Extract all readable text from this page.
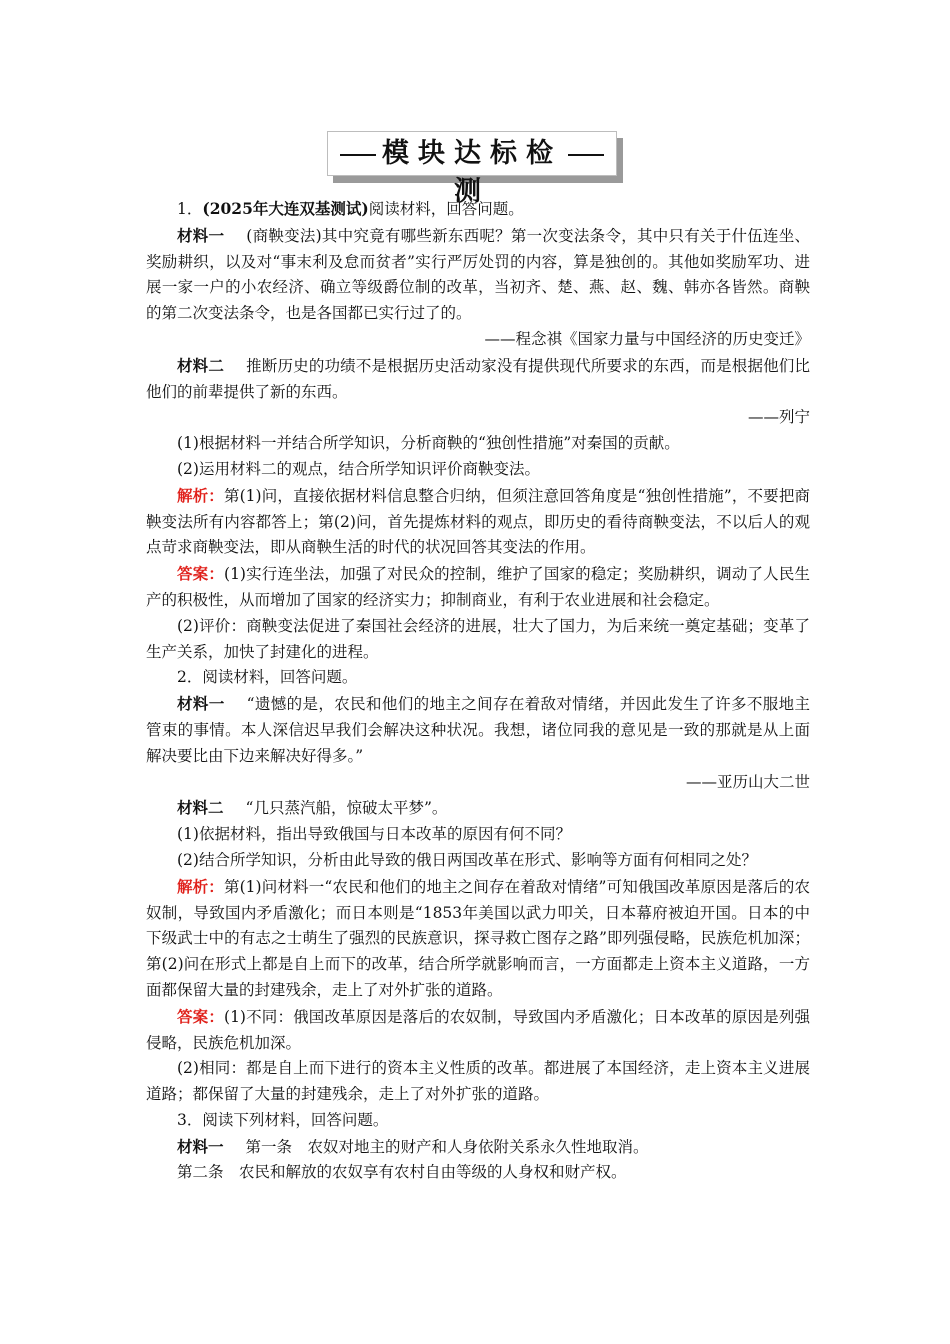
模块达标检测

1．(2025年大连双基测试)阅读材料，回答问题。

材料一 (商鞅变法)其中究竟有哪些新东西呢？第一次变法条令，其中只有关于什伍连坐、奖励耕织，以及对“事末利及怠而贫者”实行严厉处罚的内容，算是独创的。其他如奖励军功、进展一家一户的小农经济、确立等级爵位制的改革，当初齐、楚、燕、赵、魏、韩亦各皆然。商鞅的第二次变法条令，也是各国都已实行过了的。

——程念祺《国家力量与中国经济的历史变迁》

材料二 推断历史的功绩不是根据历史活动家没有提供现代所要求的东西，而是根据他们比他们的前辈提供了新的东西。

——列宁

(1)根据材料一并结合所学知识，分析商鞅的“独创性措施”对秦国的贡献。

(2)运用材料二的观点，结合所学知识评价商鞅变法。

解析：第(1)问，直接依据材料信息整合归纳，但须注意回答角度是“独创性措施”，不要把商鞅变法所有内容都答上；第(2)问，首先提炼材料的观点，即历史的看待商鞅变法，不以后人的观点苛求商鞅变法，即从商鞅生活的时代的状况回答其变法的作用。

答案：(1)实行连坐法，加强了对民众的控制，维护了国家的稳定；奖励耕织，调动了人民生产的积极性，从而增加了国家的经济实力；抑制商业，有利于农业进展和社会稳定。

(2)评价：商鞅变法促进了秦国社会经济的进展，壮大了国力，为后来统一奠定基础；变革了生产关系，加快了封建化的进程。

2．阅读材料，回答问题。

材料一 “遗憾的是，农民和他们的地主之间存在着敌对情绪，并因此发生了许多不服地主管束的事情。本人深信迟早我们会解决这种状况。我想，诸位同我的意见是一致的那就是从上面解决要比由下边来解决好得多。”

——亚历山大二世

材料二 “几只蒸汽船，惊破太平梦”。

(1)依据材料，指出导致俄国与日本改革的原因有何不同？

(2)结合所学知识，分析由此导致的俄日两国改革在形式、影响等方面有何相同之处？

解析：第(1)问材料一“农民和他们的地主之间存在着敌对情绪”可知俄国改革原因是落后的农奴制，导致国内矛盾激化；而日本则是“1853年美国以武力叩关，日本幕府被迫开国。日本的中下级武士中的有志之士萌生了强烈的民族意识，探寻救亡图存之路”即列强侵略，民族危机加深；第(2)问在形式上都是自上而下的改革，结合所学就影响而言，一方面都走上资本主义道路，一方面都保留大量的封建残余，走上了对外扩张的道路。

答案：(1)不同：俄国改革原因是落后的农奴制，导致国内矛盾激化；日本改革的原因是列强侵略，民族危机加深。

(2)相同：都是自上而下进行的资本主义性质的改革。都进展了本国经济，走上资本主义进展道路；都保留了大量的封建残余，走上了对外扩张的道路。

3．阅读下列材料，回答问题。

材料一 第一条　农奴对地主的财产和人身依附关系永久性地取消。

第二条　农民和解放的农奴享有农村自由等级的人身权和财产权。
